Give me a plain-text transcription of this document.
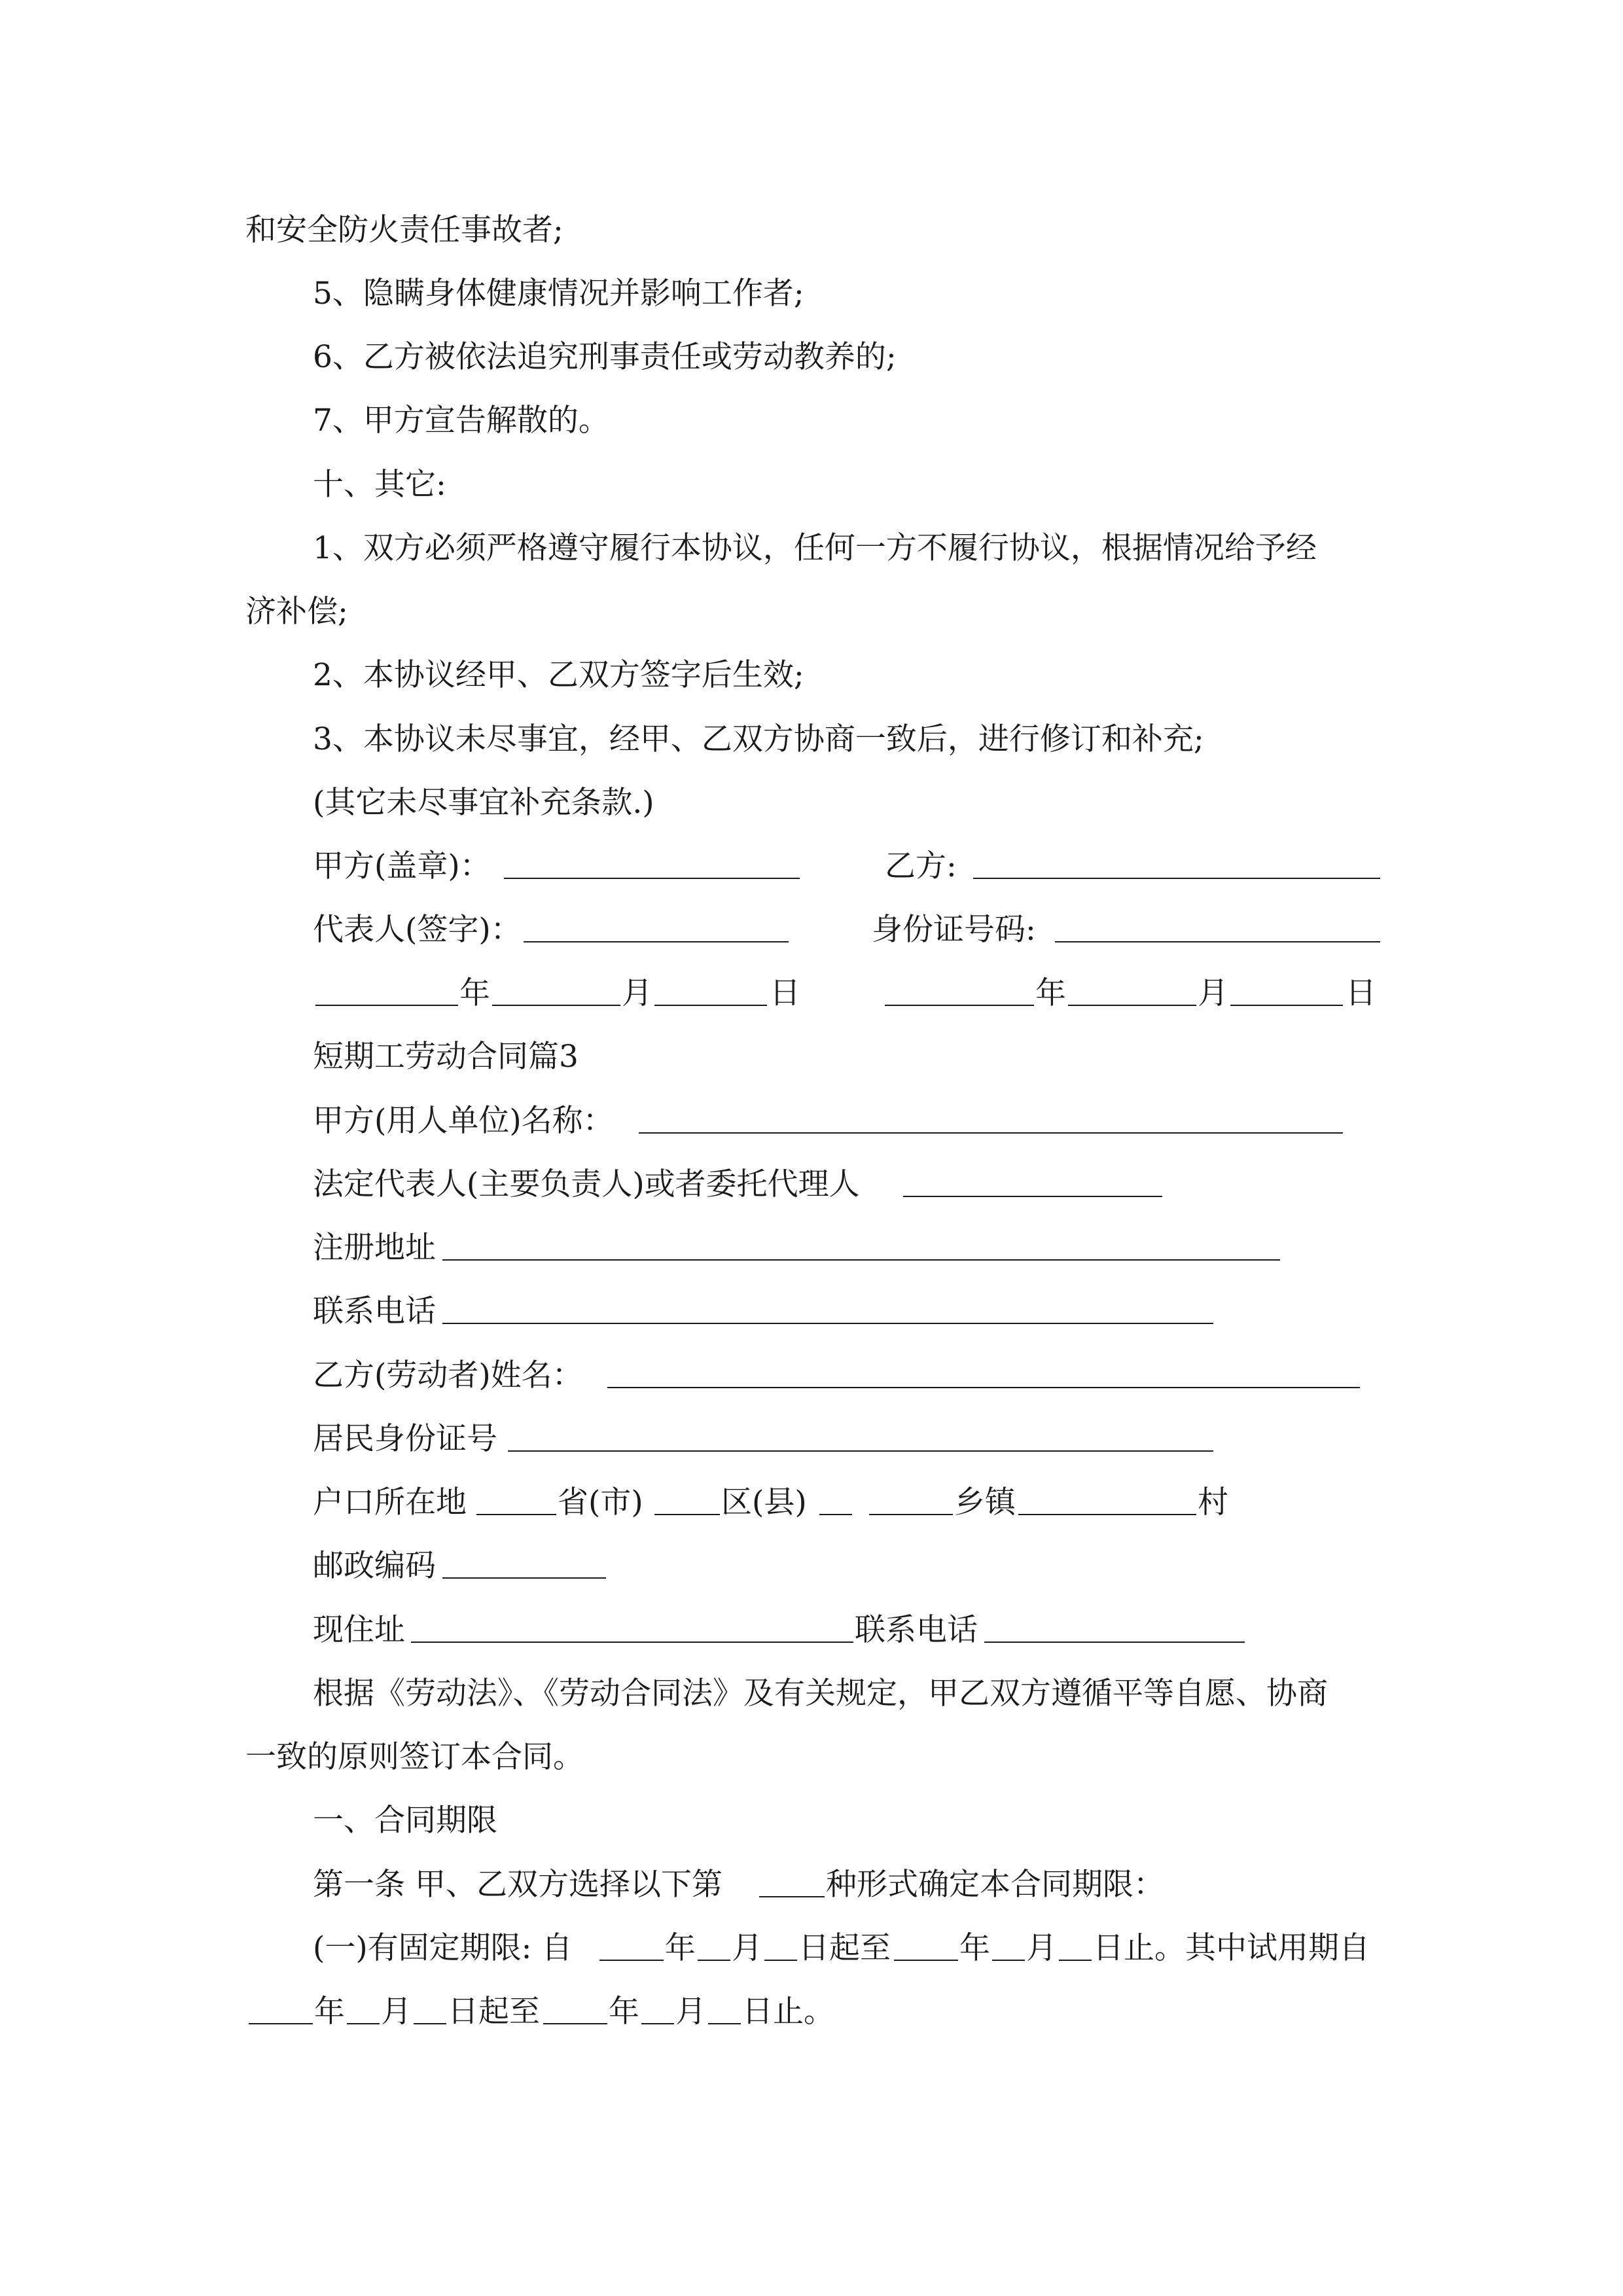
和安全防火责任事故者;
5、隐瞒身体健康情况并影响工作者;
6、乙方被依法追究刑事责任或劳动教养的;
7、甲方宣告解散的。
十、其它:
1、双方必须严格遵守履行本协议，任何一方不履行协议，根据情况给予经
济补偿;
2、本协议经甲、乙双方签字后生效;
3、本协议未尽事宜，经甲、乙双方协商一致后，进行修订和补充;
(其它未尽事宜补充条款.)
甲方(盖章)：	乙方:
代表人(签字)：	身份证号码:
年	月	日	年	月	日
短期工劳动合同篇3
甲方(用人单位)名称：
法定代表人(主要负责人)或者委托代理人
注册地址
联系电话
乙方(劳动者)姓名：
居民身份证号
户口所在地	省(市)	区(县)	乡镇	村
邮政编码
现住址	联系电话
根据《劳动法》、《劳动合同法》及有关规定，甲乙双方遵循平等自愿、协商
一致的原则签订本合同。
一、合同期限
第一条 甲、乙双方选择以下第	种形式确定本合同期限：
(一)有固定期限: 自	年 月 日起至 年 月 日止。其中试用期自
年 月 日起至 年 月 日止。
